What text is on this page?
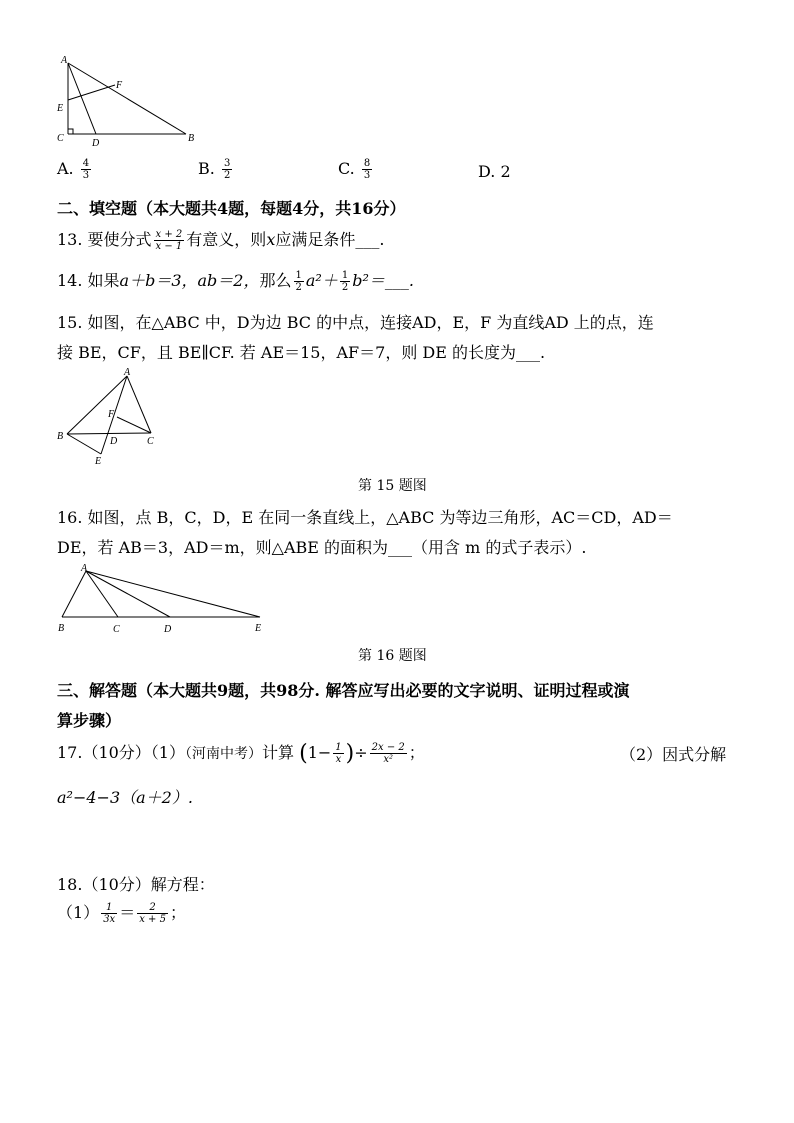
A
E
F
C	D	B
A. $\frac{4}{3}$	B. $\frac{3}{2}$	C. $\frac{8}{3}$	D. 2
二、填空题（本大题共4题，每题4分，共16分）
13. 要使分式 $\frac{x + 2}{x - 1}$ 有意义，则x应满足条件___.
14. 如果a＋b＝3，ab＝2，那么 $\frac{1}{2} a^2+ \frac{1}{2}$ b²＝___.
15. 如图，在△ABC 中，D为边 BC 的中点，连接AD，E，F 为直线AD 上的点，连
接 BE，CF，且 BE∥CF. 若 AE＝15，AF＝7，则 DE 的长度为___.
A
F
B	D	C
E
第 15 题图
16. 如图，点 B，C，D，E 在同一条直线上，△ABC 为等边三角形，AC＝CD，AD＝
DE，若 AB＝3，AD＝m，则△ABE 的面积为___（用含 m 的式子表示）.
A
B	C	D	E
第 16 题图
三、解答题（本大题共9题，共98分. 解答应写出必要的文字说明、证明过程或演
算步骤）
17.（10分）（1）（河南中考）计算 ($1- \frac{1}{x}$ )÷ $\frac{2x - 2}{\text{x²}}$ ；	（2）因式分解
a²−4−3（a＋2）.
18.（10分）解方程：
$(1) \frac{1}{3x} = \frac{2}{x + 5}$ ；
